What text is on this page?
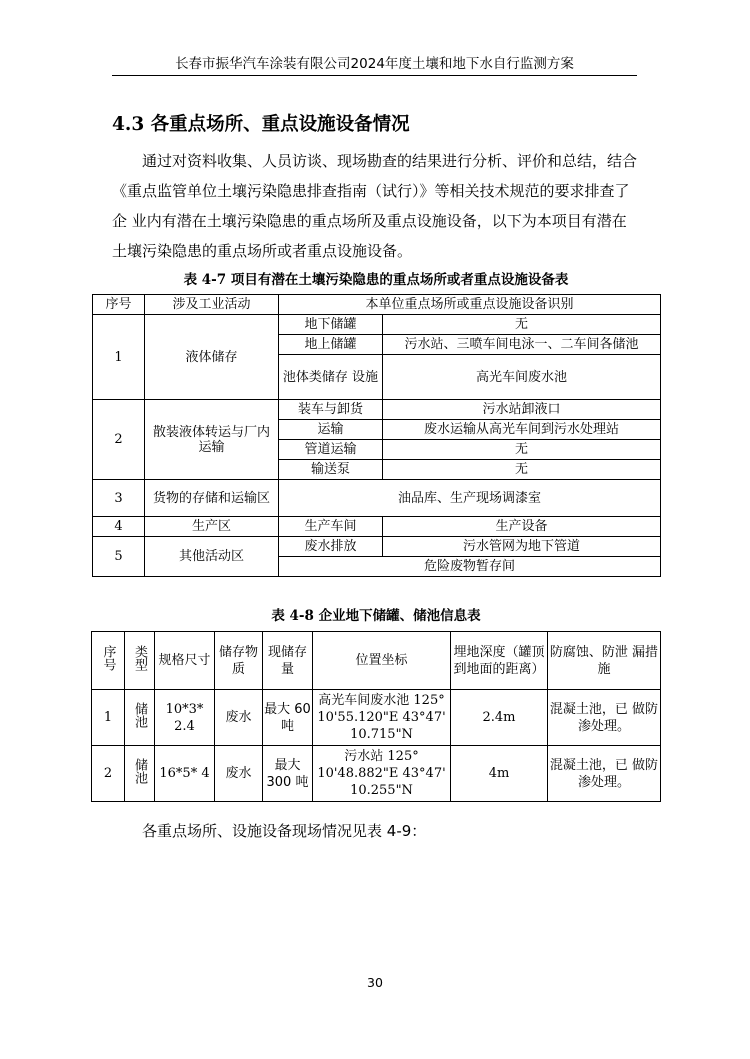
长春市振华汽车涂装有限公司2024年度土壤和地下水自行监测方案
4.3 各重点场所、重点设施设备情况

通过对资料收集、人员访谈、现场勘查的结果进行分析、评价和总结，结合《重点监管单位土壤污染隐患排查指南（试行）》等相关技术规范的要求排查了企 业内有潜在土壤污染隐患的重点场所及重点设施设备，以下为本项目有潜在土壤污染隐患的重点场所或者重点设施设备。

表 4-7 项目有潜在土壤污染隐患的重点场所或者重点设施设备表
序号	涉及工业活动	本单位重点场所或重点设施设备识别	
1	液体储存	地下储罐	无
		地上储罐	污水站、三喷车间电泳一、二车间各储池
		池体类储存 设施	高光车间废水池
2	散装液体转运与厂内运输	装车与卸货	污水站卸液口
		运输	废水运输从高光车间到污水处理站
		管道运输	无
		输送泵	无
3	货物的存储和运输区	油品库、生产现场调漆室	
4	生产区	生产车间	生产设备
5	其他活动区	废水排放	污水管网为地下管道
		危险废物暂存间	
表 4-8 企业地下储罐、储池信息表
序号	类型	规格尺寸	储存物质	现储存量	位置坐标	埋地深度（罐顶到地面的距离）	防腐蚀、防泄 漏措施
1	储池	10*3* 2.4	废水	最大 60 吨	高光车间废水池 125° 10'55.120"E 43°47' 10.715"N	2.4m	混凝土池，已 做防渗处理。
2	储池	16*5* 4	废水	最大 300 吨	污水站 125° 10'48.882"E 43°47' 10.255"N	4m	混凝土池，已 做防渗处理。
各重点场所、设施设备现场情况见表 4-9：
30
